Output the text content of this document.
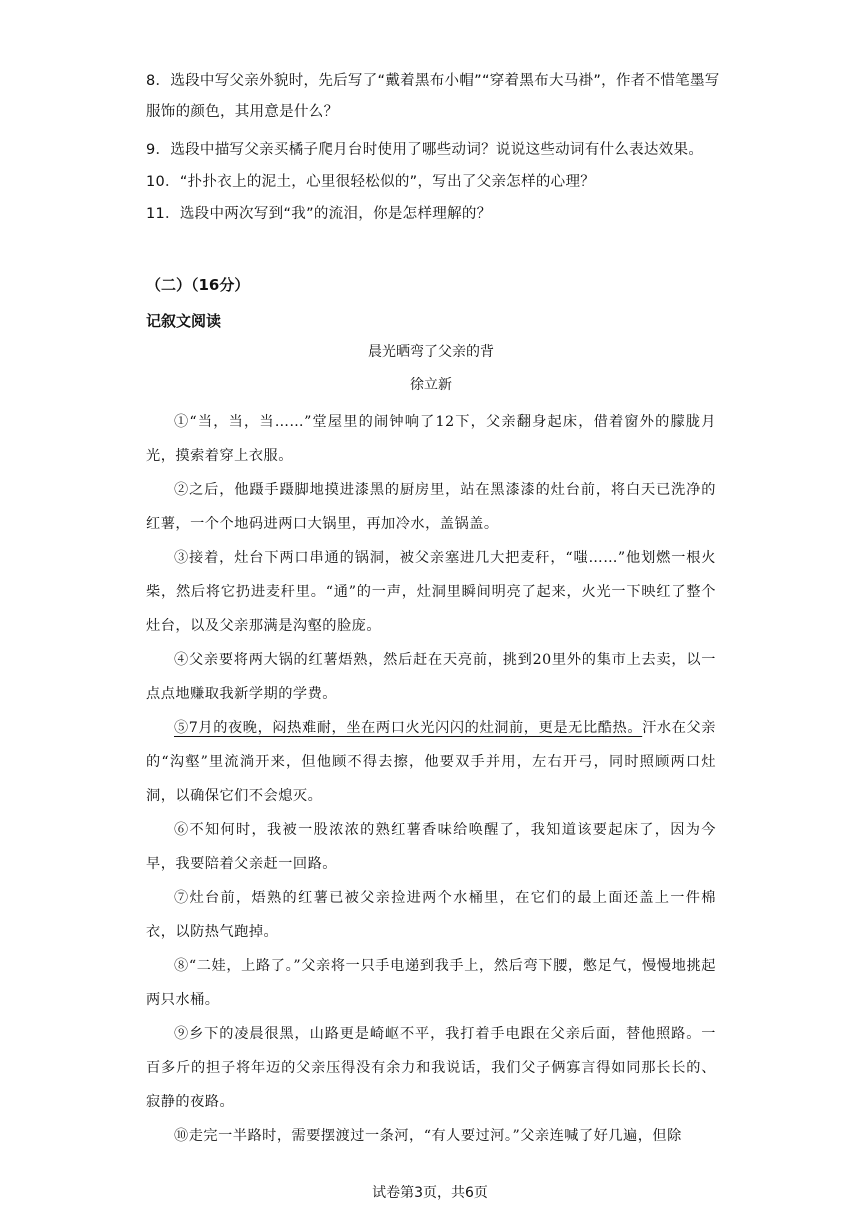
8．选段中写父亲外貌时，先后写了“戴着黑布小帽”“穿着黑布大马褂”，作者不惜笔墨写服饰的颜色，其用意是什么？
9．选段中描写父亲买橘子爬月台时使用了哪些动词？说说这些动词有什么表达效果。
10．“扑扑衣上的泥土，心里很轻松似的”，写出了父亲怎样的心理？
11．选段中两次写到“我”的流泪，你是怎样理解的？
（二）（16分）
记叙文阅读
晨光晒弯了父亲的背
徐立新
①“当，当，当……”堂屋里的闹钟响了12下，父亲翻身起床，借着窗外的朦胧月光，摸索着穿上衣服。
②之后，他蹑手蹑脚地摸进漆黑的厨房里，站在黑漆漆的灶台前，将白天已洗净的红薯，一个个地码进两口大锅里，再加冷水，盖锅盖。
③接着，灶台下两口串通的锅洞，被父亲塞进几大把麦秆，“嗤……”他划燃一根火柴，然后将它扔进麦秆里。“通”的一声，灶洞里瞬间明亮了起来，火光一下映红了整个灶台，以及父亲那满是沟壑的脸庞。
④父亲要将两大锅的红薯焐熟，然后赶在天亮前，挑到20里外的集市上去卖，以一点点地赚取我新学期的学费。
⑤7月的夜晚，闷热难耐，坐在两口火光闪闪的灶洞前，更是无比酷热。汗水在父亲的“沟壑”里流淌开来，但他顾不得去擦，他要双手并用，左右开弓，同时照顾两口灶洞，以确保它们不会熄灭。
⑥不知何时，我被一股浓浓的熟红薯香味给唤醒了，我知道该要起床了，因为今早，我要陪着父亲赶一回路。
⑦灶台前，焐熟的红薯已被父亲捡进两个水桶里，在它们的最上面还盖上一件棉衣，以防热气跑掉。
⑧“二娃，上路了。”父亲将一只手电递到我手上，然后弯下腰，憋足气，慢慢地挑起两只水桶。
⑨乡下的凌晨很黑，山路更是崎岖不平，我打着手电跟在父亲后面，替他照路。一百多斤的担子将年迈的父亲压得没有余力和我说话，我们父子俩寡言得如同那长长的、寂静的夜路。
⑩走完一半路时，需要摆渡过一条河，“有人要过河。”父亲连喊了好几遍，但除
试卷第3页，共6页
